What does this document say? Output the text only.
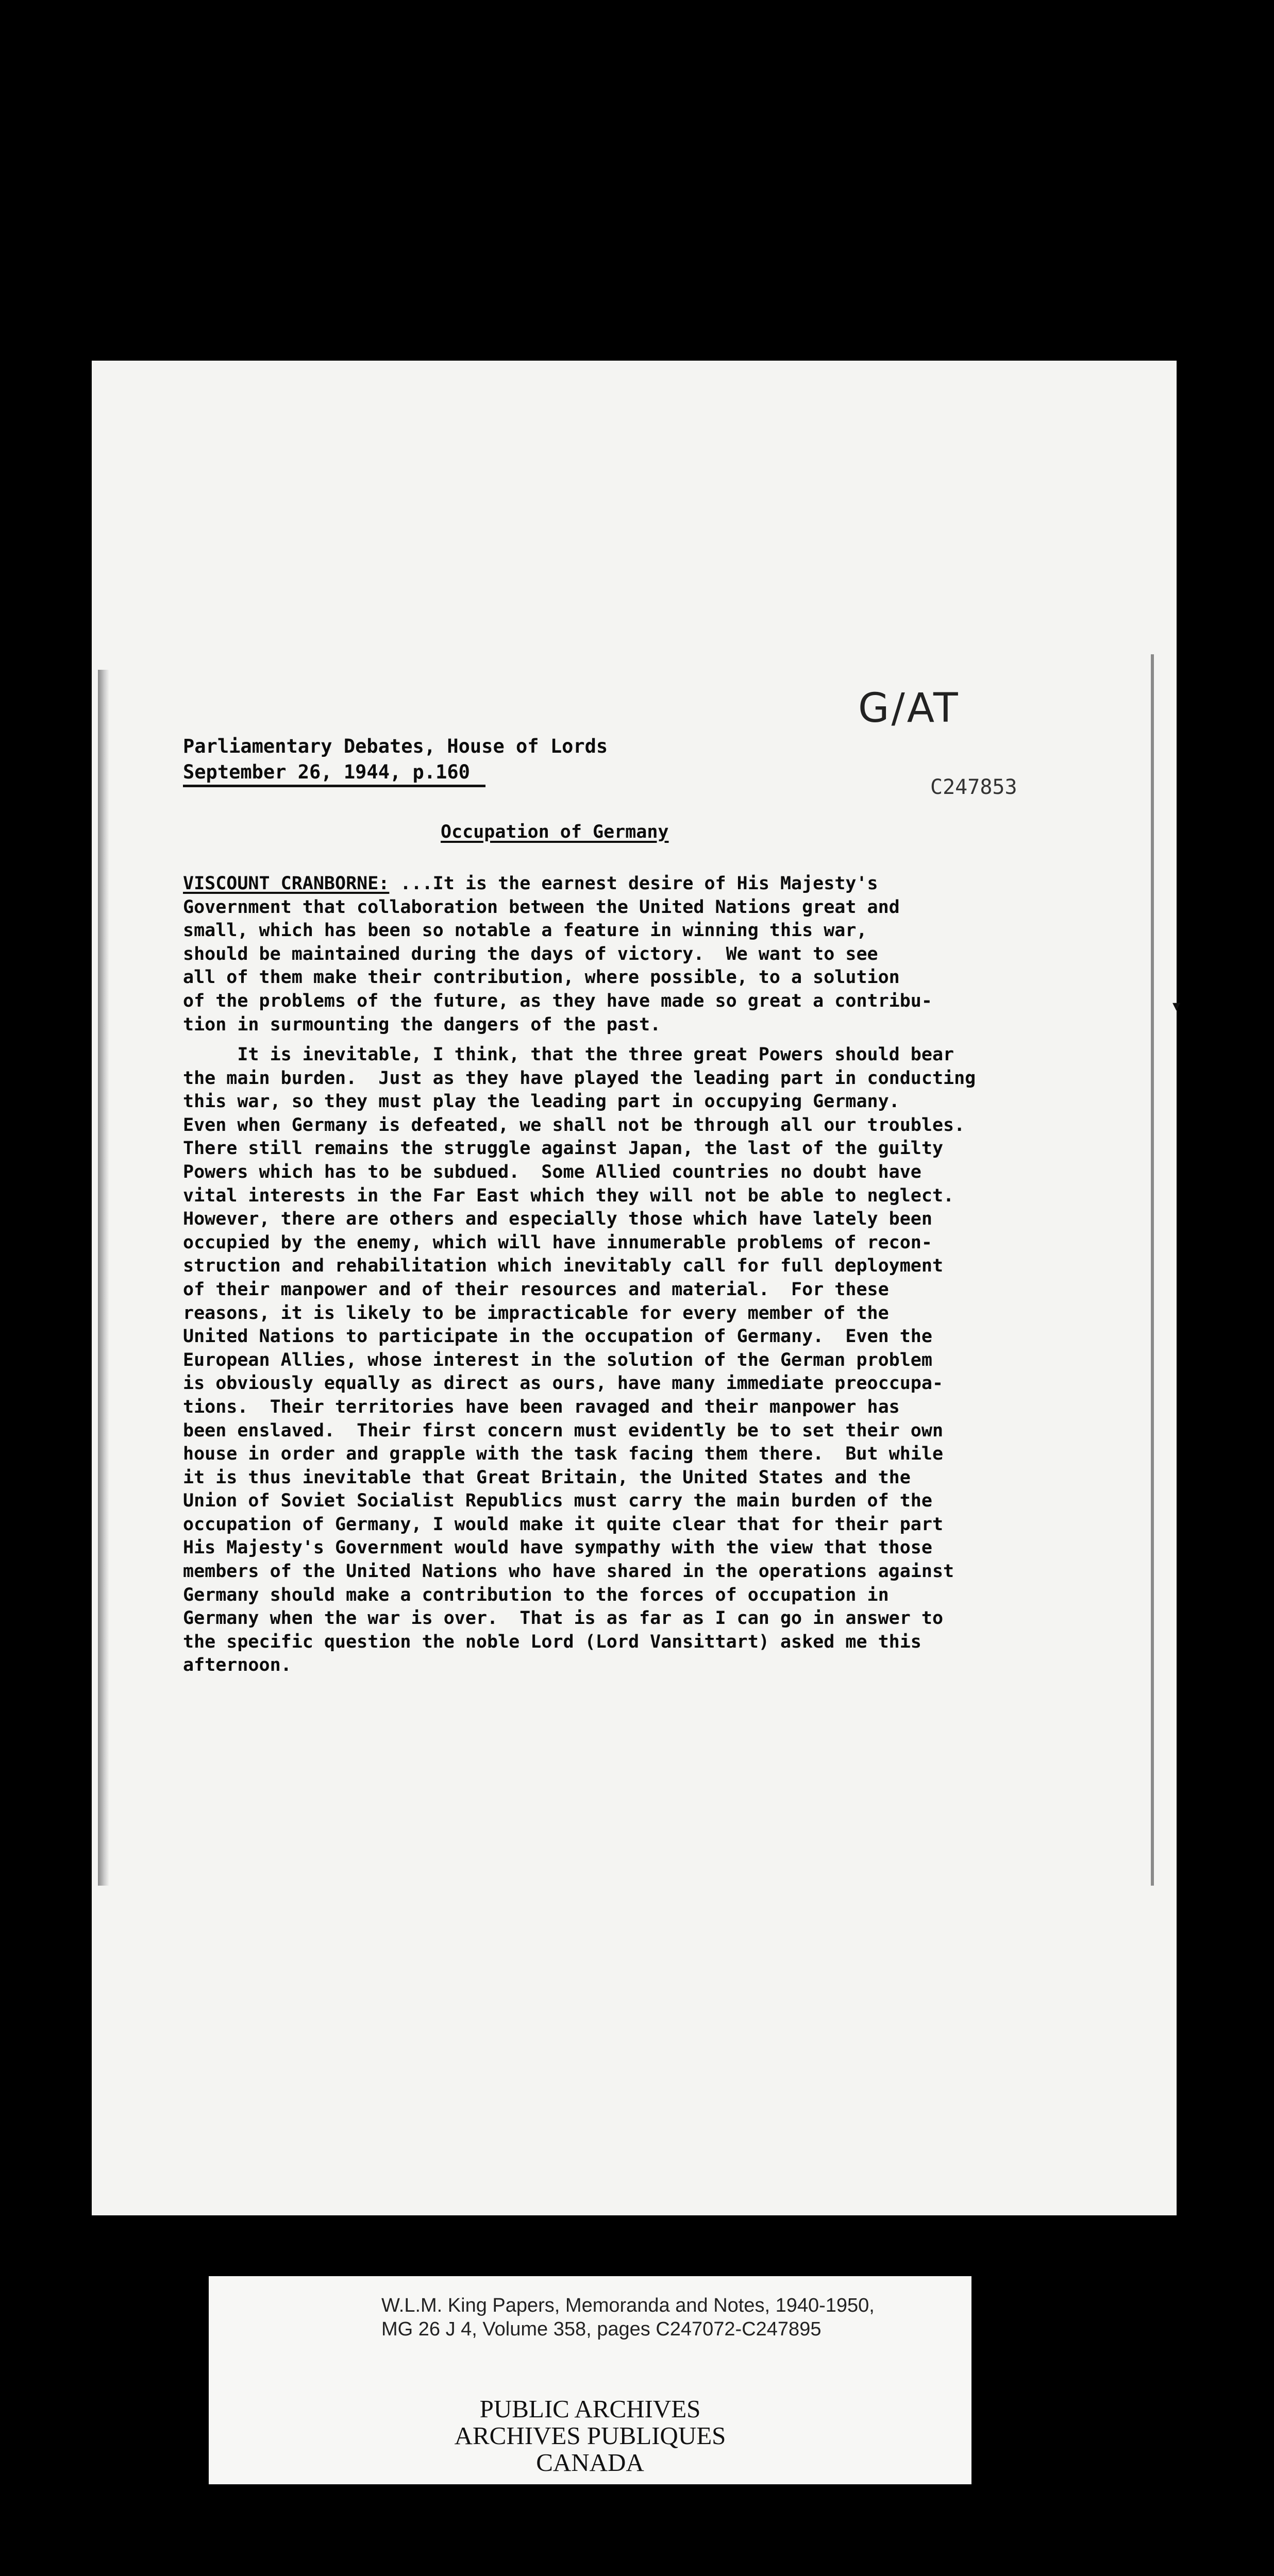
Parliamentary Debates, House of Lords
September 26, 1944, p.160
G/AT
C247853
Occupation of Germany
VISCOUNT CRANBORNE: ...It is the earnest desire of His Majesty's
Government that collaboration between the United Nations great and
small, which has been so notable a feature in winning this war,
should be maintained during the days of victory.  We want to see
all of them make their contribution, where possible, to a solution
of the problems of the future, as they have made so great a contribu-
tion in surmounting the dangers of the past.
▾
It is inevitable, I think, that the three great Powers should bear
the main burden.  Just as they have played the leading part in conducting
this war, so they must play the leading part in occupying Germany.
Even when Germany is defeated, we shall not be through all our troubles.
There still remains the struggle against Japan, the last of the guilty
Powers which has to be subdued.  Some Allied countries no doubt have
vital interests in the Far East which they will not be able to neglect.
However, there are others and especially those which have lately been
occupied by the enemy, which will have innumerable problems of recon-
struction and rehabilitation which inevitably call for full deployment
of their manpower and of their resources and material.  For these
reasons, it is likely to be impracticable for every member of the
United Nations to participate in the occupation of Germany.  Even the
European Allies, whose interest in the solution of the German problem
is obviously equally as direct as ours, have many immediate preoccupa-
tions.  Their territories have been ravaged and their manpower has
been enslaved.  Their first concern must evidently be to set their own
house in order and grapple with the task facing them there.  But while
it is thus inevitable that Great Britain, the United States and the
Union of Soviet Socialist Republics must carry the main burden of the
occupation of Germany, I would make it quite clear that for their part
His Majesty's Government would have sympathy with the view that those
members of the United Nations who have shared in the operations against
Germany should make a contribution to the forces of occupation in
Germany when the war is over.  That is as far as I can go in answer to
the specific question the noble Lord (Lord Vansittart) asked me this
afternoon.
W.L.M. King Papers, Memoranda and Notes, 1940-1950,
MG 26 J 4, Volume 358, pages C247072-C247895
PUBLIC ARCHIVES
ARCHIVES PUBLIQUES
CANADA
